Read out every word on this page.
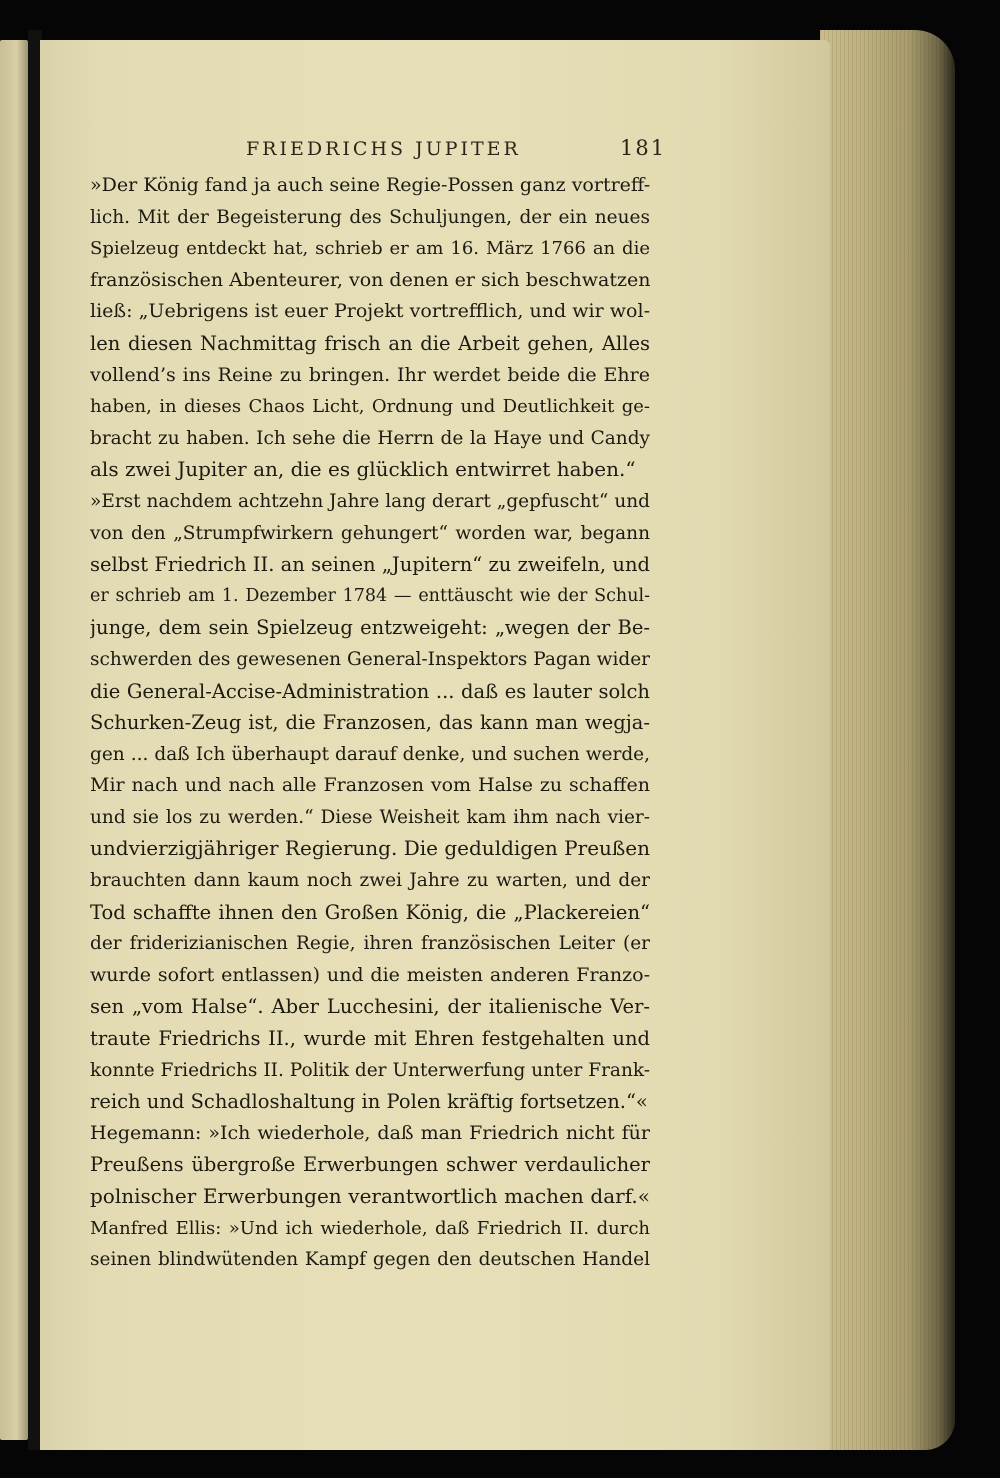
FRIEDRICHS JUPITER	181
»Der König fand ja auch seine Regie-Possen ganz vortreff-
lich. Mit der Begeisterung des Schuljungen, der ein neues
Spielzeug entdeckt hat, schrieb er am 16. März 1766 an die
französischen Abenteurer, von denen er sich beschwatzen
ließ: „Uebrigens ist euer Projekt vortrefflich, und wir wol-
len diesen Nachmittag frisch an die Arbeit gehen, Alles
vollend’s ins Reine zu bringen. Ihr werdet beide die Ehre
haben, in dieses Chaos Licht, Ordnung und Deutlichkeit ge-
bracht zu haben. Ich sehe die Herrn de la Haye und Candy
als zwei Jupiter an, die es glücklich entwirret haben.“
»Erst nachdem achtzehn Jahre lang derart „gepfuscht“ und
von den „Strumpfwirkern gehungert“ worden war, begann
selbst Friedrich II. an seinen „Jupitern“ zu zweifeln, und
er schrieb am 1. Dezember 1784 — enttäuscht wie der Schul-
junge, dem sein Spielzeug entzweigeht: „wegen der Be-
schwerden des gewesenen General-Inspektors Pagan wider
die General-Accise-Administration ... daß es lauter solch
Schurken-Zeug ist, die Franzosen, das kann man wegja-
gen ... daß Ich überhaupt darauf denke, und suchen werde,
Mir nach und nach alle Franzosen vom Halse zu schaffen
und sie los zu werden.“ Diese Weisheit kam ihm nach vier-
undvierzigjähriger Regierung. Die geduldigen Preußen
brauchten dann kaum noch zwei Jahre zu warten, und der
Tod schaffte ihnen den Großen König, die „Plackereien“
der friderizianischen Regie, ihren französischen Leiter (er
wurde sofort entlassen) und die meisten anderen Franzo-
sen „vom Halse“. Aber Lucchesini, der italienische Ver-
traute Friedrichs II., wurde mit Ehren festgehalten und
konnte Friedrichs II. Politik der Unterwerfung unter Frank-
reich und Schadloshaltung in Polen kräftig fortsetzen.“«
Hegemann: »Ich wiederhole, daß man Friedrich nicht für
Preußens übergroße Erwerbungen schwer verdaulicher
polnischer Erwerbungen verantwortlich machen darf.«
Manfred Ellis: »Und ich wiederhole, daß Friedrich II. durch
seinen blindwütenden Kampf gegen den deutschen Handel
